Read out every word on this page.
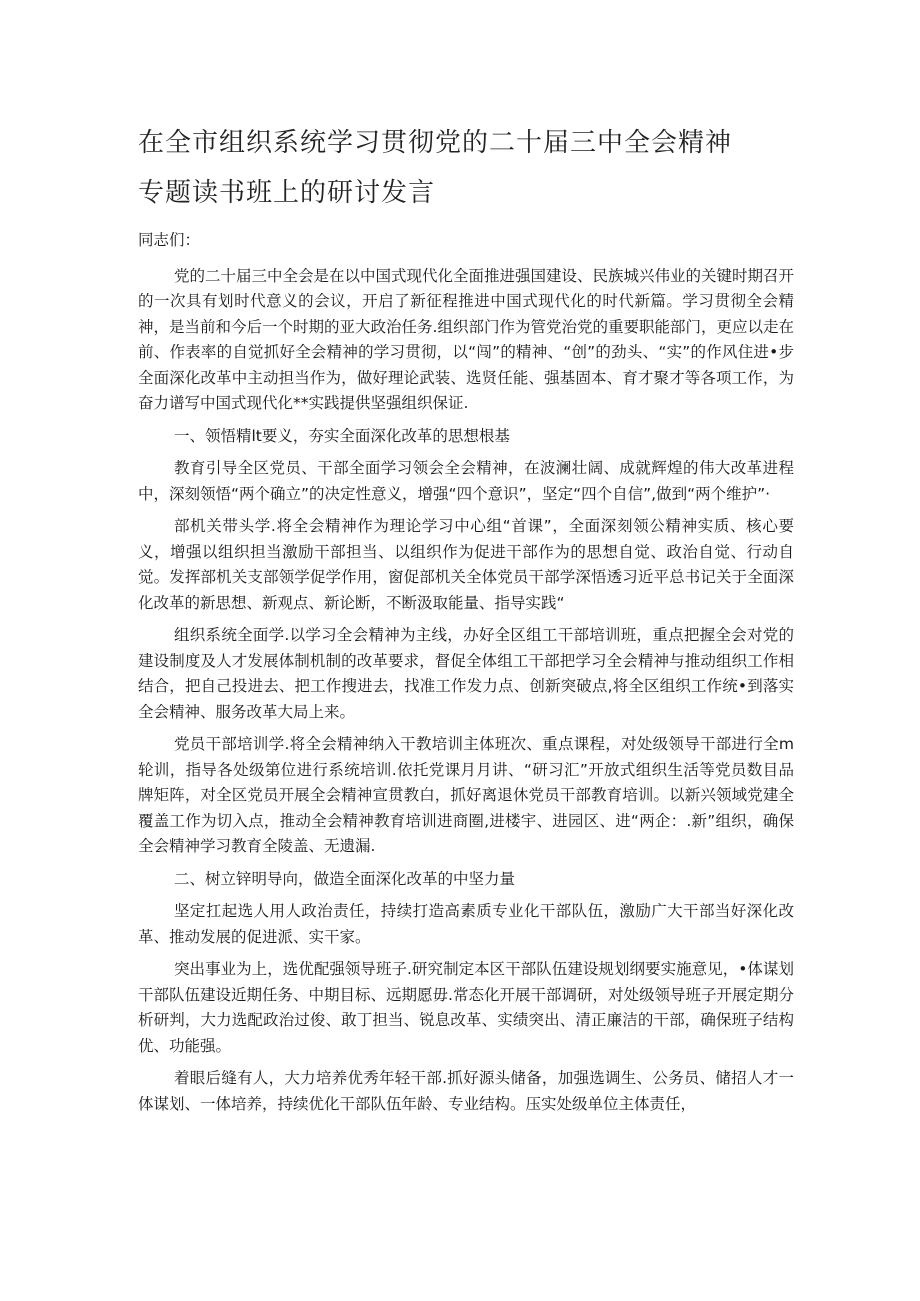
在全市组织系统学习贯彻党的二十届三中全会精神

专题读书班上的研讨发言

同志们：

党的二十届三中全会是在以中国式现代化全面推进强国建设、民族城兴伟业的关键时期召开的一次具有划时代意义的会议，开启了新征程推进中国式现代化的时代新篇。学习贯彻全会精神，是当前和今后一个时期的亚大政治任务.组织部门作为管党治党的重要职能部门，更应以走在前、作表率的自觉抓好全会精神的学习贯彻，以“闯”的精神、“创”的劲头、“实”的作风住进•步全面深化改革中主动担当作为，做好理论武装、选贤任能、强基固本、育才聚才等各项工作，为奋力谱写中国式现代化**实践提供坚强组织保证.

一、领悟精lt要义，夯实全面深化改革的思想根基

教育引导全区党员、干部全面学习领会全会精神，在波澜壮阔、成就辉煌的伟大改革进程中，深刻领悟“两个确立”的决定性意义，增强“四个意识”，坚定“四个自信”,做到“两个维护”·

部机关带头学.将全会精神作为理论学习中心组“首课”，全面深刻领公精神实质、核心要义，增强以组织担当激励干部担当、以组织作为促进干部作为的思想自觉、政治自觉、行动自觉。发挥部机关支部领学促学作用，窗促部机关全体党员干部学深悟透习近平总书记关于全面深化改革的新思想、新观点、新论断，不断汲取能量、指导实践“

组织系统全面学.以学习全会精神为主线，办好全区组工干部培训班，重点把握全会对党的建设制度及人才发展体制机制的改革要求，督促全体组工干部把学习全会精神与推动组织工作相结合，把自己投进去、把工作搜进去，找准工作发力点、创新突破点,将全区组织工作统•到落实全会精神、服务改革大局上来。

党员干部培训学.将全会精神纳入干教培训主体班次、重点课程，对处级领导干部进行全m轮训，指导各处级第位进行系统培训.依托党课月月讲、“研习汇”开放式组织生活等党员数目品牌矩阵，对全区党员开展全会精神宣贯教白，抓好离退休党员干部教育培训。以新兴领域党建全覆盖工作为切入点，推动全会精神教育培训进商圈,进楼宇、进园区、进“两企：.新”组织，确保全会精神学习教育全陵盖、无遗漏.

二、树立锌明导向，做造全面深化改革的中坚力量

坚定扛起选人用人政治责任，持续打造高素质专业化干部队伍，激励广大干部当好深化改革、推动发展的促进派、实干家。

突出事业为上，选优配强领导班子.研究制定本区干部队伍建设规划纲要实施意见，•体谋划干部队伍建设近期任务、中期目标、远期愿毋.常态化开展干部调研，对处级领导班子开展定期分析研判，大力选配政治过俊、敢丁担当、锐息改革、实绩突出、清正廉洁的干部，确保班子结构优、功能强。

着眼后缝有人，大力培养优秀年轻干部.抓好源头储备，加强选调生、公务员、储招人才一体谋划、一体培养，持续优化干部队伍年龄、专业结构。压实处级单位主体责任，
